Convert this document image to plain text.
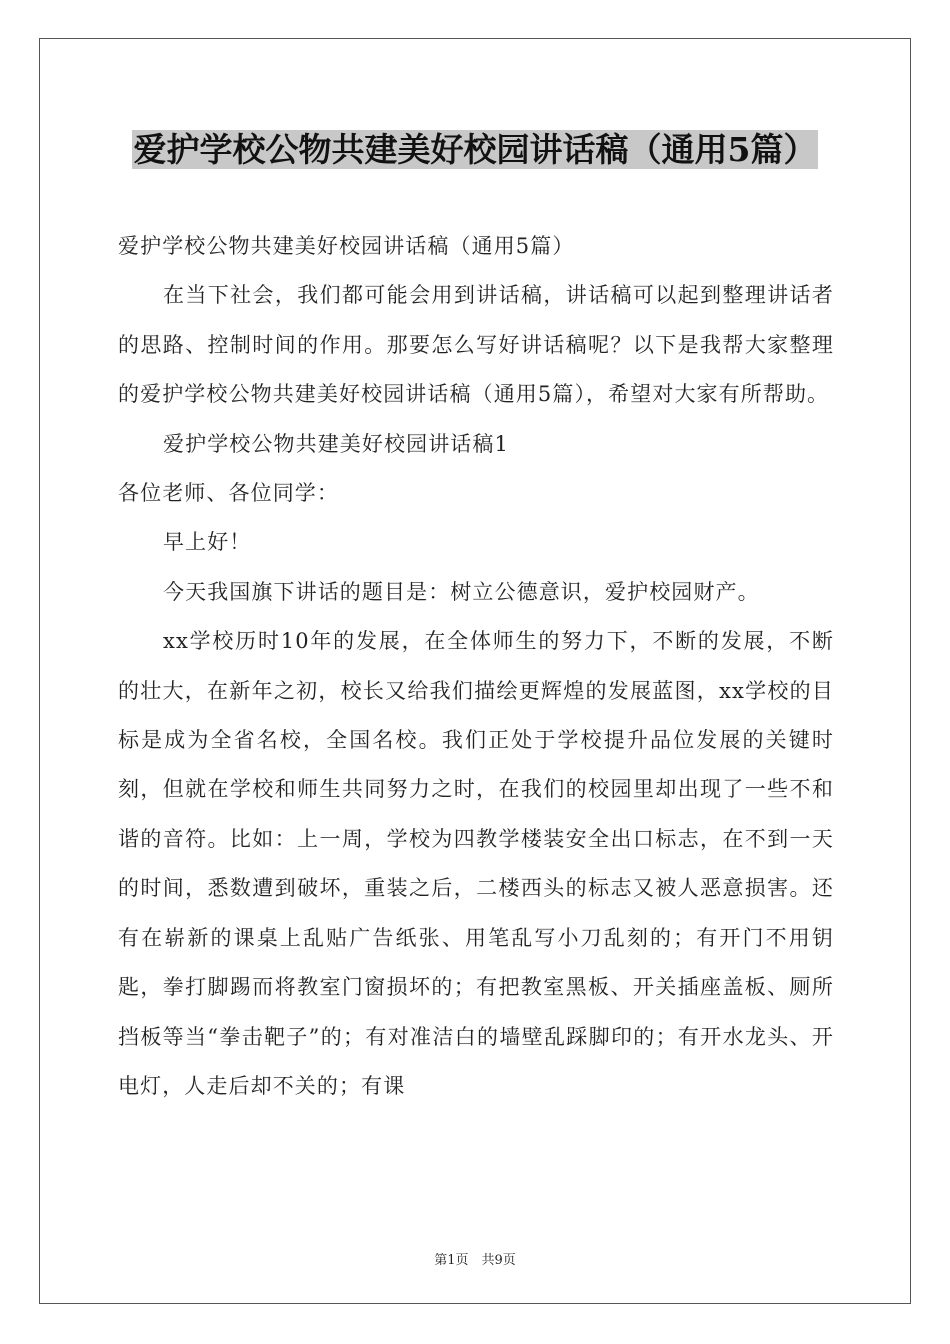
爱护学校公物共建美好校园讲话稿（通用5篇）

爱护学校公物共建美好校园讲话稿（通用5篇）

在当下社会，我们都可能会用到讲话稿，讲话稿可以起到整理讲话者的思路、控制时间的作用。那要怎么写好讲话稿呢？以下是我帮大家整理的爱护学校公物共建美好校园讲话稿（通用5篇），希望对大家有所帮助。

爱护学校公物共建美好校园讲话稿1

各位老师、各位同学：

早上好！

今天我国旗下讲话的题目是：树立公德意识，爱护校园财产。

xx学校历时10年的发展，在全体师生的努力下，不断的发展，不断的壮大，在新年之初，校长又给我们描绘更辉煌的发展蓝图，xx学校的目标是成为全省名校，全国名校。我们正处于学校提升品位发展的关键时刻，但就在学校和师生共同努力之时，在我们的校园里却出现了一些不和谐的音符。比如：上一周，学校为四教学楼装安全出口标志，在不到一天的时间，悉数遭到破坏，重装之后，二楼西头的标志又被人恶意损害。还有在崭新的课桌上乱贴广告纸张、用笔乱写小刀乱刻的；有开门不用钥匙，拳打脚踢而将教室门窗损坏的；有把教室黑板、开关插座盖板、厕所挡板等当“拳击靶子”的；有对准洁白的墙壁乱踩脚印的；有开水龙头、开电灯，人走后却不关的；有课

第1页　共9页
